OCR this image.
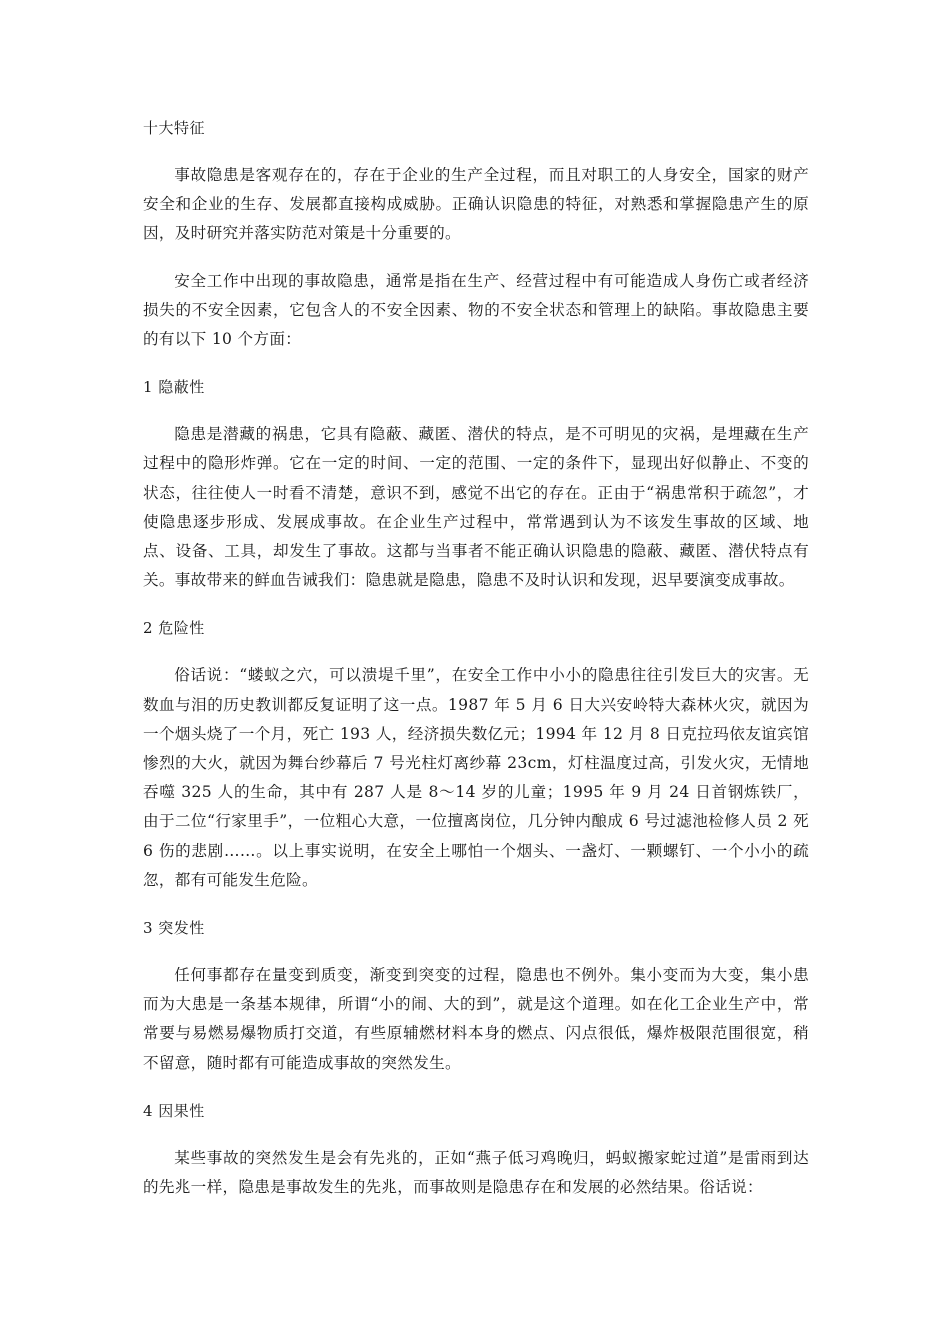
十大特征

事故隐患是客观存在的，存在于企业的生产全过程，而且对职工的人身安全，国家的财产安全和企业的生存、发展都直接构成威胁。正确认识隐患的特征，对熟悉和掌握隐患产生的原因，及时研究并落实防范对策是十分重要的。

安全工作中出现的事故隐患，通常是指在生产、经营过程中有可能造成人身伤亡或者经济损失的不安全因素，它包含人的不安全因素、物的不安全状态和管理上的缺陷。事故隐患主要的有以下 10 个方面：

1 隐蔽性

隐患是潜藏的祸患，它具有隐蔽、藏匿、潜伏的特点，是不可明见的灾祸，是埋藏在生产过程中的隐形炸弹。它在一定的时间、一定的范围、一定的条件下，显现出好似静止、不变的状态，往往使人一时看不清楚，意识不到，感觉不出它的存在。正由于“祸患常积于疏忽”，才使隐患逐步形成、发展成事故。在企业生产过程中，常常遇到认为不该发生事故的区域、地点、设备、工具，却发生了事故。这都与当事者不能正确认识隐患的隐蔽、藏匿、潜伏特点有关。事故带来的鲜血告诫我们：隐患就是隐患，隐患不及时认识和发现，迟早要演变成事故。

2 危险性

俗话说：“蝼蚁之穴，可以溃堤千里”，在安全工作中小小的隐患往往引发巨大的灾害。无数血与泪的历史教训都反复证明了这一点。1987 年 5 月 6 日大兴安岭特大森林火灾，就因为一个烟头烧了一个月，死亡 193 人，经济损失数亿元；1994 年 12 月 8 日克拉玛依友谊宾馆惨烈的大火，就因为舞台纱幕后 7 号光柱灯离纱幕 23cm，灯柱温度过高，引发火灾，无情地吞噬 325 人的生命，其中有 287 人是 8～14 岁的儿童；1995 年 9 月 24 日首钢炼铁厂，由于二位“行家里手”，一位粗心大意，一位擅离岗位，几分钟内酿成 6 号过滤池检修人员 2 死 6 伤的悲剧……。以上事实说明，在安全上哪怕一个烟头、一盏灯、一颗螺钉、一个小小的疏忽，都有可能发生危险。

3 突发性

任何事都存在量变到质变，渐变到突变的过程，隐患也不例外。集小变而为大变，集小患而为大患是一条基本规律，所谓“小的闹、大的到”，就是这个道理。如在化工企业生产中，常常要与易燃易爆物质打交道，有些原辅燃材料本身的燃点、闪点很低，爆炸极限范围很宽，稍不留意，随时都有可能造成事故的突然发生。

4 因果性

某些事故的突然发生是会有先兆的，正如“燕子低习鸡晚归，蚂蚁搬家蛇过道”是雷雨到达的先兆一样，隐患是事故发生的先兆，而事故则是隐患存在和发展的必然结果。俗话说：
